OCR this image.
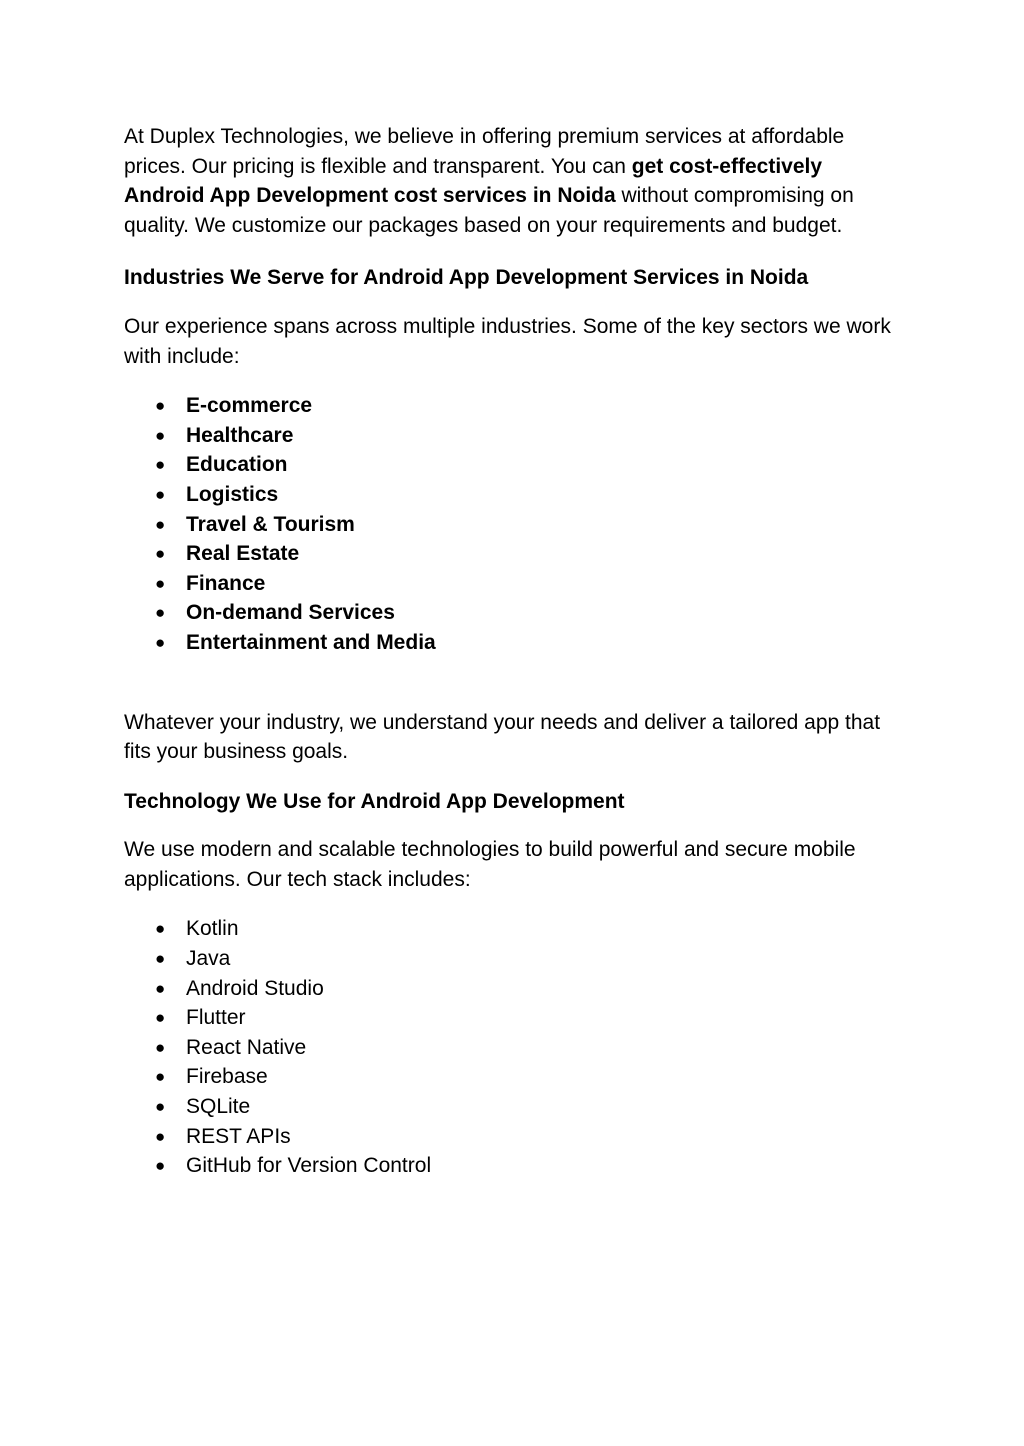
At Duplex Technologies, we believe in offering premium services at affordable prices. Our pricing is flexible and transparent. You can get cost-effectively Android App Development cost services in Noida without compromising on quality. We customize our packages based on your requirements and budget.

Industries We Serve for Android App Development Services in Noida

Our experience spans across multiple industries. Some of the key sectors we work with include:

● E-commerce
● Healthcare
● Education
● Logistics
● Travel & Tourism
● Real Estate
● Finance
● On-demand Services
● Entertainment and Media

Whatever your industry, we understand your needs and deliver a tailored app that fits your business goals.

Technology We Use for Android App Development

We use modern and scalable technologies to build powerful and secure mobile applications. Our tech stack includes:

● Kotlin
● Java
● Android Studio
● Flutter
● React Native
● Firebase
● SQLite
● REST APIs
● GitHub for Version Control
